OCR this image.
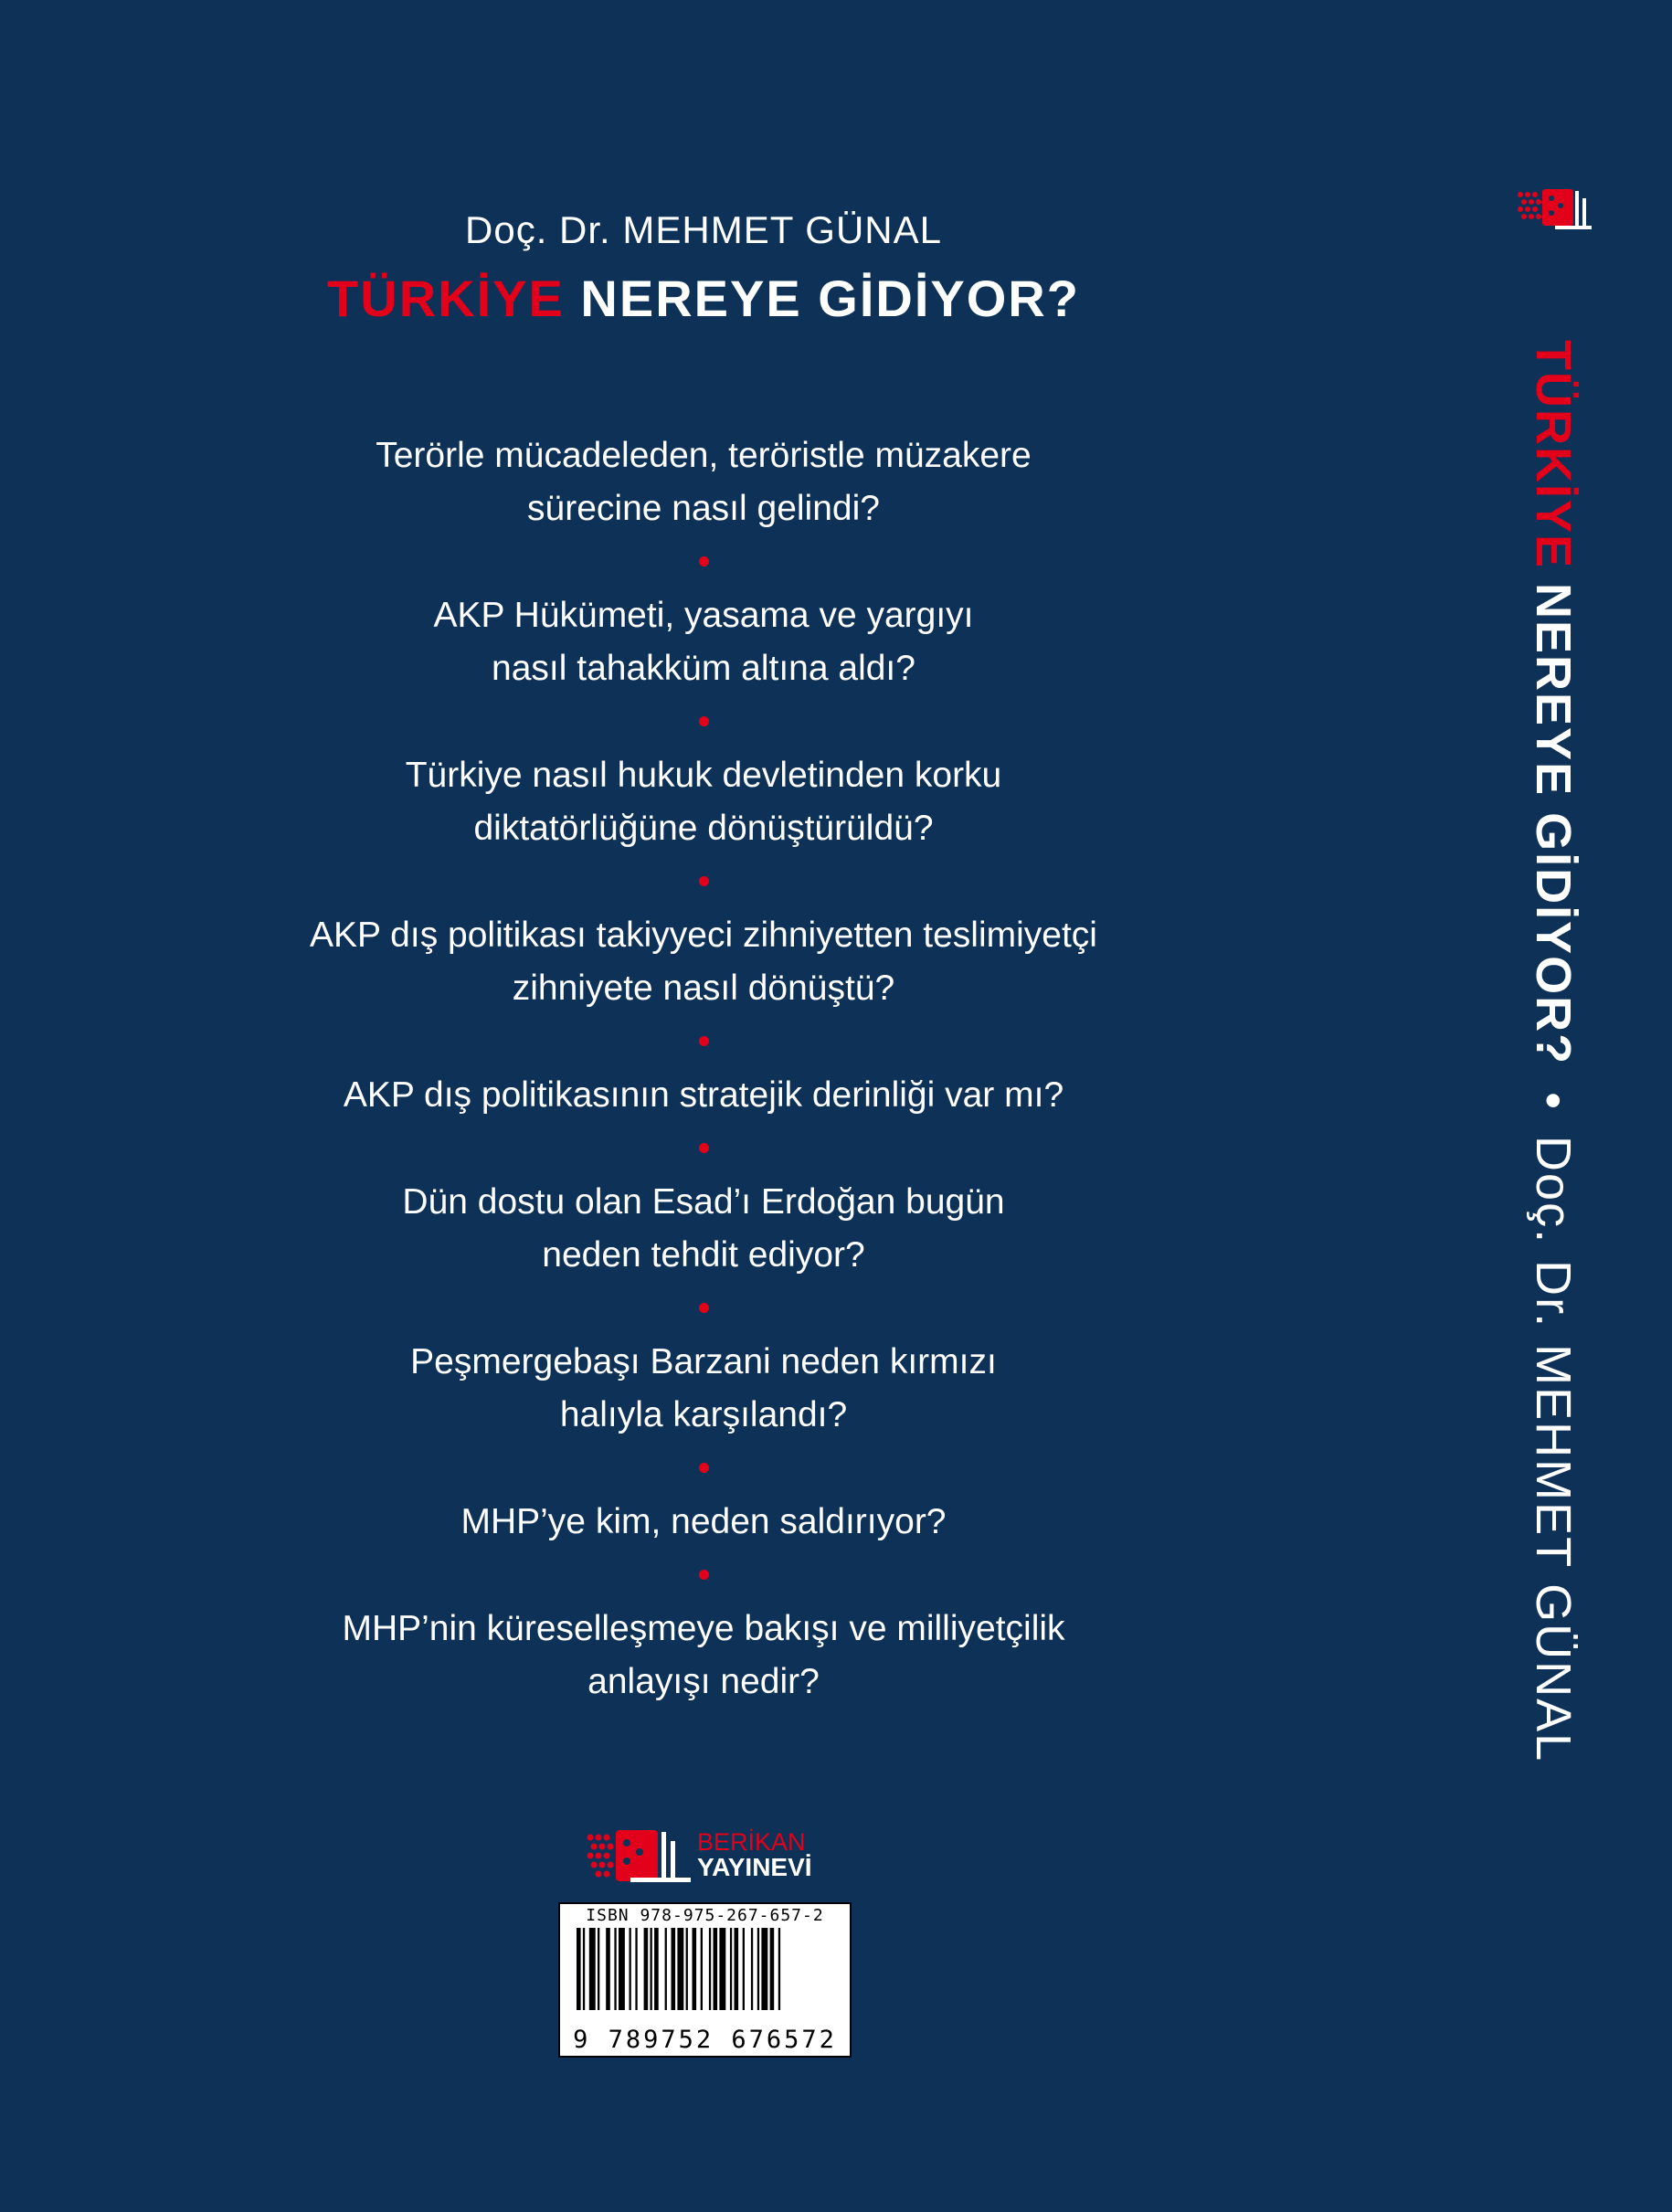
Doç. Dr. MEHMET GÜNAL
TÜRKİYE NEREYE GİDİYOR?
Terörle mücadeleden, teröristle müzakere
sürecine nasıl gelindi?
AKP Hükümeti, yasama ve yargıyı
nasıl tahakküm altına aldı?
Türkiye nasıl hukuk devletinden korku
diktatörlüğüne dönüştürüldü?
AKP dış politikası takiyyeci zihniyetten teslimiyetçi
zihniyete nasıl dönüştü?
AKP dış politikasının stratejik derinliği var mı?
Dün dostu olan Esad’ı Erdoğan bugün
neden tehdit ediyor?
Peşmergebaşı Barzani neden kırmızı
halıyla karşılandı?
MHP’ye kim, neden saldırıyor?
MHP’nin küreselleşmeye bakışı ve milliyetçilik
anlayışı nedir?
TÜRKİYE NEREYE GİDİYOR? • Doç. Dr. MEHMET GÜNAL
BERİKAN
YAYINEVİ
ISBN 978-975-267-657-2
9 789752 676572
